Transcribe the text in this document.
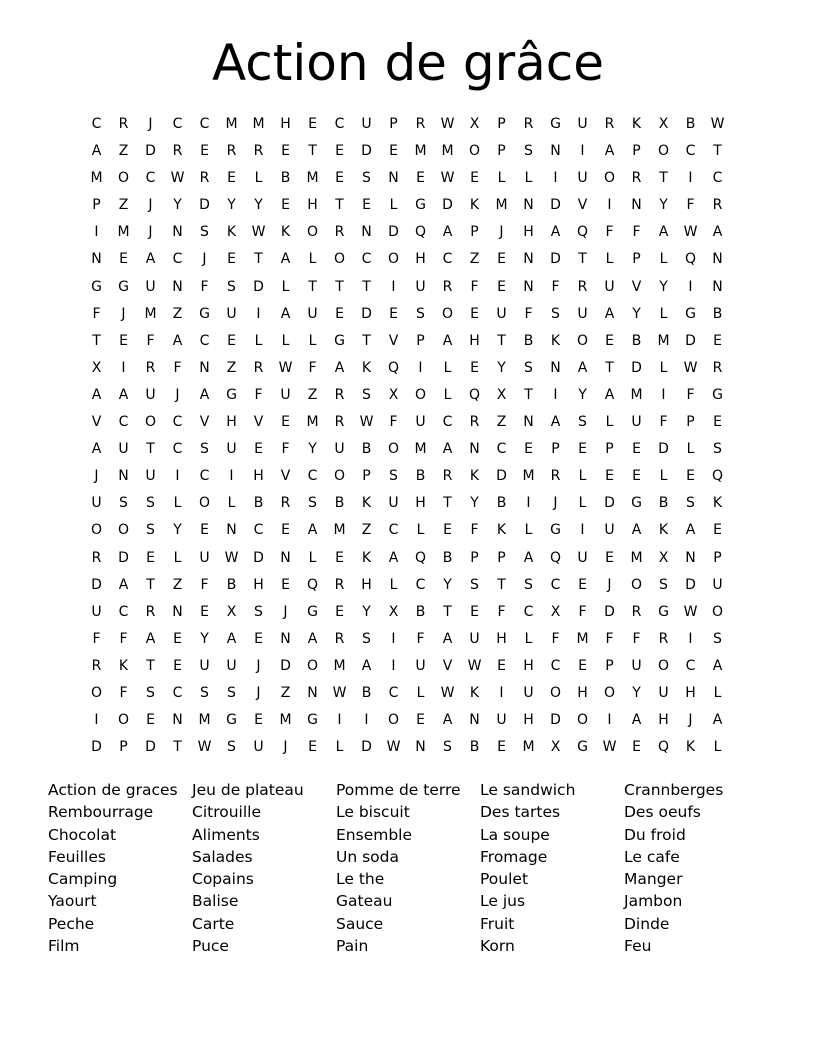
Action de grâce
C	R	J	C	C	M	M	H	E	C	U	P	R	W	X	P	R	G	U	R	K	X	B	W
A	Z	D	R	E	R	R	E	T	E	D	E	M	M	O	P	S	N	I	A	P	O	C	T
M	O	C	W	R	E	L	B	M	E	S	N	E	W	E	L	L	I	U	O	R	T	I	C
P	Z	J	Y	D	Y	Y	E	H	T	E	L	G	D	K	M	N	D	V	I	N	Y	F	R
I	M	J	N	S	K	W	K	O	R	N	D	Q	A	P	J	H	A	Q	F	F	A	W	A
N	E	A	C	J	E	T	A	L	O	C	O	H	C	Z	E	N	D	T	L	P	L	Q	N
G	G	U	N	F	S	D	L	T	T	T	I	U	R	F	E	N	F	R	U	V	Y	I	N
F	J	M	Z	G	U	I	A	U	E	D	E	S	O	E	U	F	S	U	A	Y	L	G	B
T	E	F	A	C	E	L	L	L	G	T	V	P	A	H	T	B	K	O	E	B	M	D	E
X	I	R	F	N	Z	R	W	F	A	K	Q	I	L	E	Y	S	N	A	T	D	L	W	R
A	A	U	J	A	G	F	U	Z	R	S	X	O	L	Q	X	T	I	Y	A	M	I	F	G
V	C	O	C	V	H	V	E	M	R	W	F	U	C	R	Z	N	A	S	L	U	F	P	E
A	U	T	C	S	U	E	F	Y	U	B	O	M	A	N	C	E	P	E	P	E	D	L	S
J	N	U	I	C	I	H	V	C	O	P	S	B	R	K	D	M	R	L	E	E	L	E	Q
U	S	S	L	O	L	B	R	S	B	K	U	H	T	Y	B	I	J	L	D	G	B	S	K
O	O	S	Y	E	N	C	E	A	M	Z	C	L	E	F	K	L	G	I	U	A	K	A	E
R	D	E	L	U	W	D	N	L	E	K	A	Q	B	P	P	A	Q	U	E	M	X	N	P
D	A	T	Z	F	B	H	E	Q	R	H	L	C	Y	S	T	S	C	E	J	O	S	D	U
U	C	R	N	E	X	S	J	G	E	Y	X	B	T	E	F	C	X	F	D	R	G	W	O
F	F	A	E	Y	A	E	N	A	R	S	I	F	A	U	H	L	F	M	F	F	R	I	S
R	K	T	E	U	U	J	D	O	M	A	I	U	V	W	E	H	C	E	P	U	O	C	A
O	F	S	C	S	S	J	Z	N	W	B	C	L	W	K	I	U	O	H	O	Y	U	H	L
I	O	E	N	M	G	E	M	G	I	I	O	E	A	N	U	H	D	O	I	A	H	J	A
D	P	D	T	W	S	U	J	E	L	D	W	N	S	B	E	M	X	G	W	E	Q	K	L
Action de graces
Rembourrage
Chocolat
Feuilles
Camping
Yaourt
Peche
Film
Jeu de plateau
Citrouille
Aliments
Salades
Copains
Balise
Carte
Puce
Pomme de terre
Le biscuit
Ensemble
Un soda
Le the
Gateau
Sauce
Pain
Le sandwich
Des tartes
La soupe
Fromage
Poulet
Le jus
Fruit
Korn
Crannberges
Des oeufs
Du froid
Le cafe
Manger
Jambon
Dinde
Feu
